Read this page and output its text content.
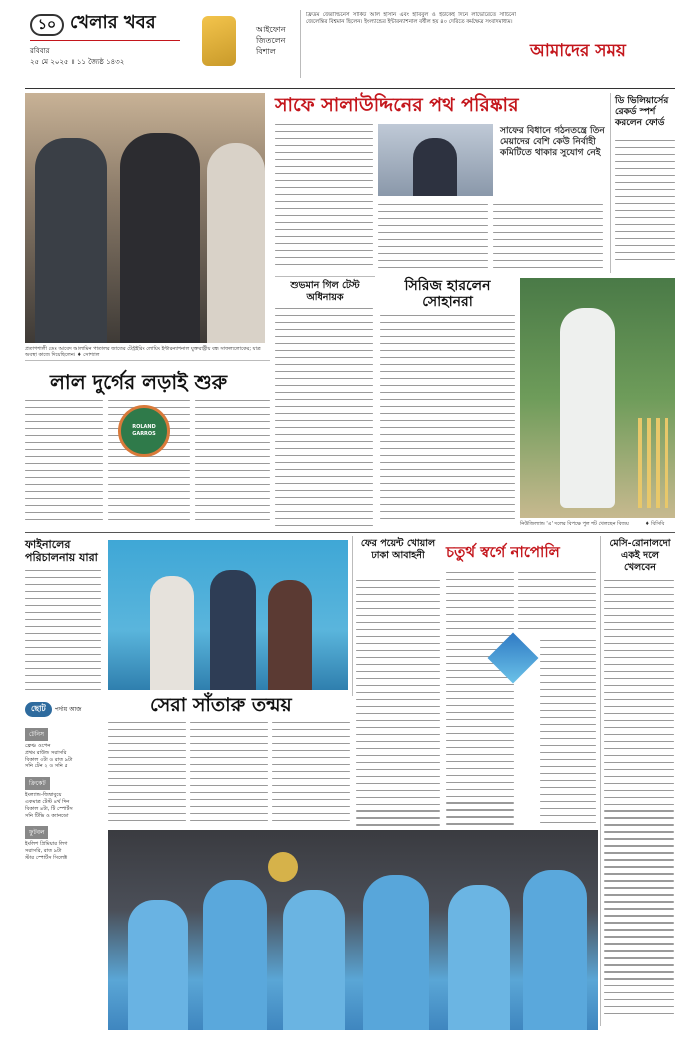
১০ খেলার খবর
রবিবার
২৫ মে ২০২৫ ॥ ১১ জ্যৈষ্ঠ ১৪৩২
আইফোন
জিতলেন
বিশাল
ফ্রিডম জেরাল্ডিনের্স সার্কিট আল হাসান এবং হাবিবুল ও ইউকেই দিনে লাভোরেতে সার্চিনো জেলেন্তির বিশ্বমান ছিলেন। ইংল্যান্ডের ইন্টারন্যাশনাল বৰ্ষীল হয় ৪০ দেরিতে কর্মক্ষেত্র সংবাদমাধ্যম।
আমাদের সময়
প্রতাপশালী ডেঃ আবেদ আলামিন পাতালর জাতের টেস্ট্রইরিং লোয়িং ইন্টারন্যাশনাল যুক্তরাষ্ট্রীয় বন্ধ সাফল্যলোকের; যাত্র অবস্থা কাজে দিয়েছিলেন। ♦ সোশ্যাল
সাফে সালাউদ্দিনের পথ পরিষ্কার
সাফের বিধানে গঠনতন্ত্রে তিন মেয়াদের বেশি কেউ নির্বাহী কমিটিতে থাকার সুযোগ নেই
ডি ভিলিয়ার্সের রেকর্ড স্পর্শ করলেন ফোর্ড
শুভমান গিল টেস্ট অধিনায়ক
সিরিজ হারলেন সোহানরা
নিউজিল্যান্ড 'এ' দলের বিপক্ষে পুল শট খেলছেন বিজয়	♦ বিসিবি
লাল দুর্গের লড়াই শুরু
ROLAND GARROS
ফাইনালের পরিচালনায় যারা
ফের পয়েন্ট খোয়াল ঢাকা আবাহনী	চতুর্থ স্বর্গে নাপোলি	মেসি-রোনালদো একই দলে খেলবেন
ছোট	পর্দায় আজ
টেনিস
ফ্রেঞ্চ ওপেন
প্রথম রাউন্ড সরাসরি
বিকাল ৩টা ও রাত ৯টা
সনি টেন ২ ও সনি ৫
ক্রিকেট
ইংল্যান্ড-জিম্বাবুয়ে
একমাত্র টেস্ট ৪র্থ দিন
বিকাল ৪টা, টি স্পোর্টস
সনি টিভি ও ক্যানডো
ফুটবল
ইংলিশ প্রিমিয়ার লিগ
সরাসরি, রাত ৯টা
স্টার স্পোর্টস সিলেক্ট
সেরা সাঁতারু তন্ময়
